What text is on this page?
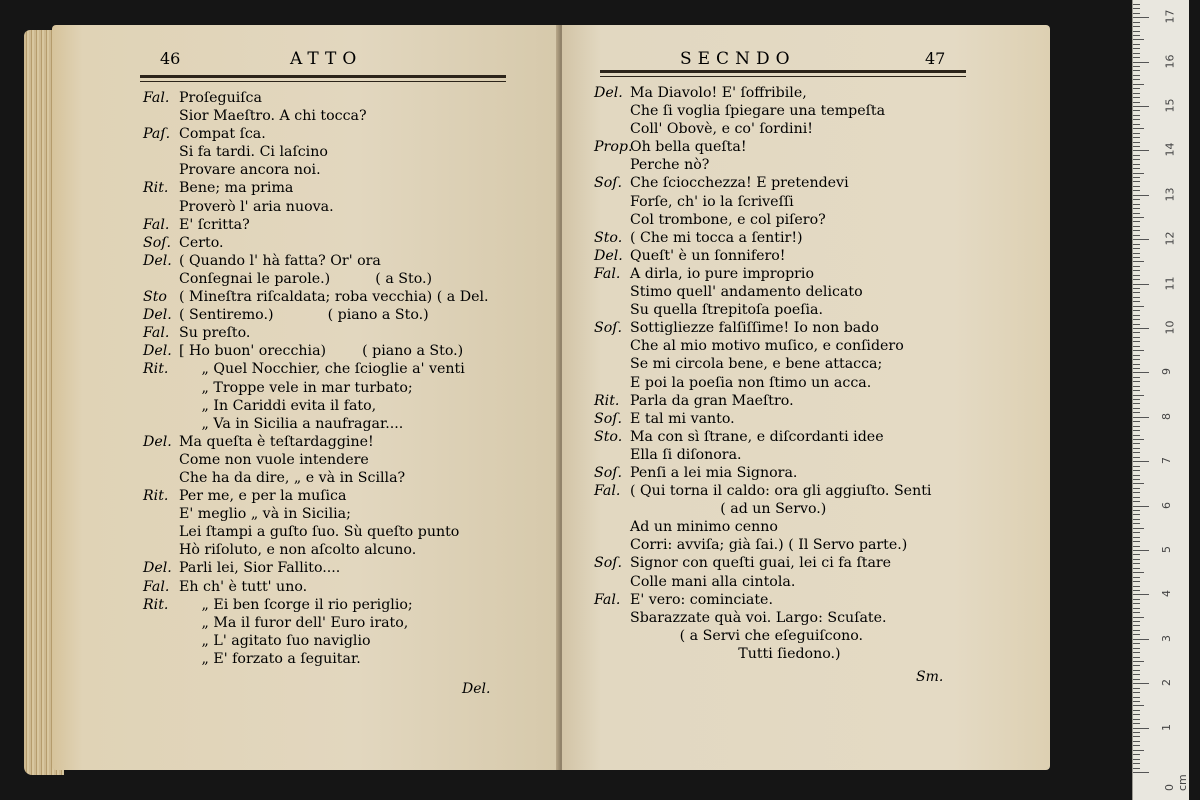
46	ATTO	SECNDO	47
Fal. Proſeguiſca
Sior Maeſtro. A chi tocca?
Paſ. Compat ſca.
Si fa tardi. Ci laſcino
Provare ancora noi.
Rit. Bene; ma prima
Proverò l' aria nuova.
Fal. E' ſcritta?
Soſ. Certo.
Del. ( Quando l' hà fatta? Or' ora
Conſegnai le parole.)          ( a Sto.)
Sto ( Mineſtra riſcaldata; roba vecchia) ( a Del.
Del. ( Sentiremo.)            ( piano a Sto.)
Fal. Su preſto.
Del. [ Ho buon' orecchia)        ( piano a Sto.)
Rit. „ Quel Nocchier, che ſcioglie a' venti
„ Troppe vele in mar turbato;
„ In Cariddi evita il fato,
„ Va in Sicilia a naufragar....
Del. Ma queſta è teſtardaggine!
Come non vuole intendere
Che ha da dire, „ e và in Scilla?
Rit. Per me, e per la muſica
E' meglio „ và in Sicilia;
Lei ſtampi a guſto ſuo. Sù queſto punto
Hò riſoluto, e non aſcolto alcuno.
Del. Parli lei, Sior Fallito....
Fal. Eh ch' è tutt' uno.
Rit. „ Ei ben ſcorge il rio periglio;
„ Ma il furor dell' Euro irato,
„ L' agitato ſuo naviglio
„ E' forzato a ſeguitar.
Del.
Del. Ma Diavolo! E' ſoffribile,
Che ſi voglia ſpiegare una tempeſta
Coll' Obovè, e co' ſordini!
Prop.
Oh bella queſta!
Perche nò?
Soſ. Che ſciocchezza! E pretendevi
Forſe, ch' io la ſcriveſſi
Col trombone, e col piſero?
Sto. ( Che mi tocca a ſentir!)
Del. Queſt' è un ſonnifero!
Fal. A dirla, io pure improprio
Stimo quell' andamento delicato
Su quella ſtrepitoſa poeſia.
Soſ. Sottigliezze falſiſſime! Io non bado
Che al mio motivo muſico, e conſidero
Se mi circola bene, e bene attacca;
E poi la poeſia non ſtimo un acca.
Rit. Parla da gran Maeſtro.
Soſ. E tal mi vanto.
Sto. Ma con sì ſtrane, e diſcordanti idee
Ella ſi diſonora.
Soſ. Penſi a lei mia Signora.
Fal. ( Qui torna il caldo: ora gli aggiuſto. Senti
( ad un Servo.)
Ad un minimo cenno
Corri: avviſa; già ſai.) ( Il Servo parte.)
Soſ. Signor con queſti guai, lei ci fa ſtare
Colle mani alla cintola.
Fal. E' vero: cominciate.
Sbarazzate quà voi. Largo: Scuſate.
( a Servi che eſeguiſcono.
Tutti ſiedono.)
Sm.
0 cm
1
2
3
4
5
6
7
8
9
10
11
12
13
14
15
16
17
